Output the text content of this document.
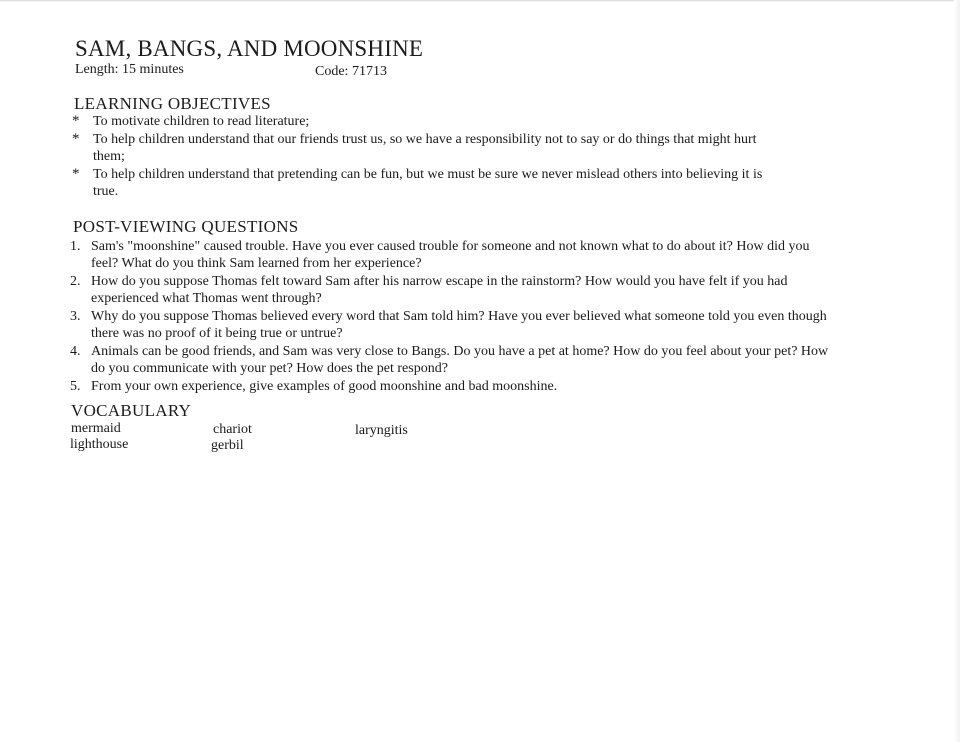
SAM, BANGS, AND MOONSHINE
Length: 15 minutes	Code: 71713
LEARNING OBJECTIVES
* To motivate children to read literature;
* To help children understand that our friends trust us, so we have a responsibility not to say or do things that might hurt them;
* To help children understand that pretending can be fun, but we must be sure we never mislead others into believing it is true.
POST-VIEWING QUESTIONS
1. Sam's "moonshine" caused trouble. Have you ever caused trouble for someone and not known what to do about it? How did you feel? What do you think Sam learned from her experience?
2. How do you suppose Thomas felt toward Sam after his narrow escape in the rainstorm? How would you have felt if you had experienced what Thomas went through?
3. Why do you suppose Thomas believed every word that Sam told him? Have you ever believed what someone told you even though there was no proof of it being true or untrue?
4. Animals can be good friends, and Sam was very close to Bangs. Do you have a pet at home? How do you feel about your pet? How do you communicate with your pet? How does the pet respond?
5. From your own experience, give examples of good moonshine and bad moonshine.
VOCABULARY
mermaid
lighthouse
chariot
gerbil
laryngitis
